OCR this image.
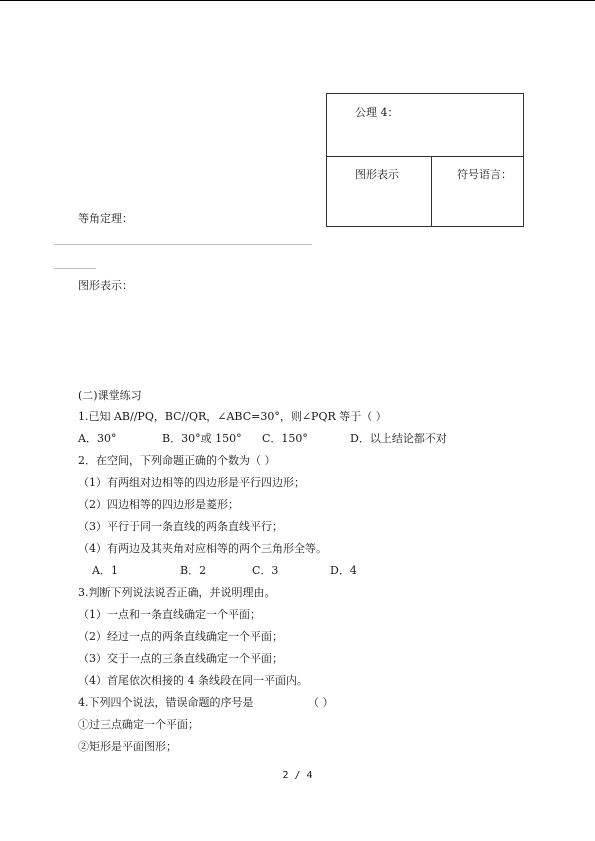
公理 4：
图形表示	符号语言：
等角定理：
图形表示：
(二)课堂练习
1.已知 AB//PQ，BC//QR，∠ABC=30°，则∠PQR 等于（ ）
A．30°	B．30°或 150° C．150°	D．以上结论都不对
2．在空间，下列命题正确的个数为（ ）
（1）有两组对边相等的四边形是平行四边形；
（2）四边相等的四边形是菱形；
（3）平行于同一条直线的两条直线平行；
（4）有两边及其夹角对应相等的两个三角形全等。
A．1	B．2	C．3	D．4
3.判断下列说法说否正确，并说明理由。
（1）一点和一条直线确定一个平面；
（2）经过一点的两条直线确定一个平面；
（3）交于一点的三条直线确定一个平面；
（4）首尾依次相接的 4 条线段在同一平面内。
4.下列四个说法，错误命题的序号是	（ ）
①过三点确定一个平面；
②矩形是平面图形；
2 / 4
